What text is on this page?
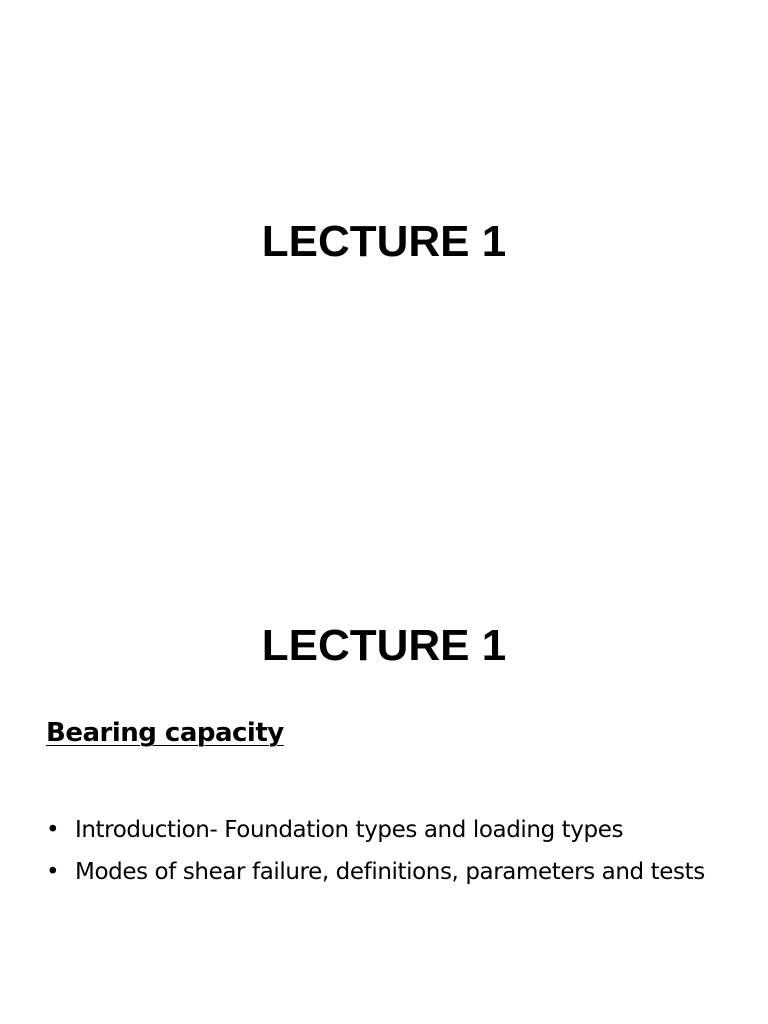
LECTURE 1
LECTURE 1
Bearing capacity
• Introduction- Foundation types and loading types
• Modes of shear failure, definitions, parameters and tests
